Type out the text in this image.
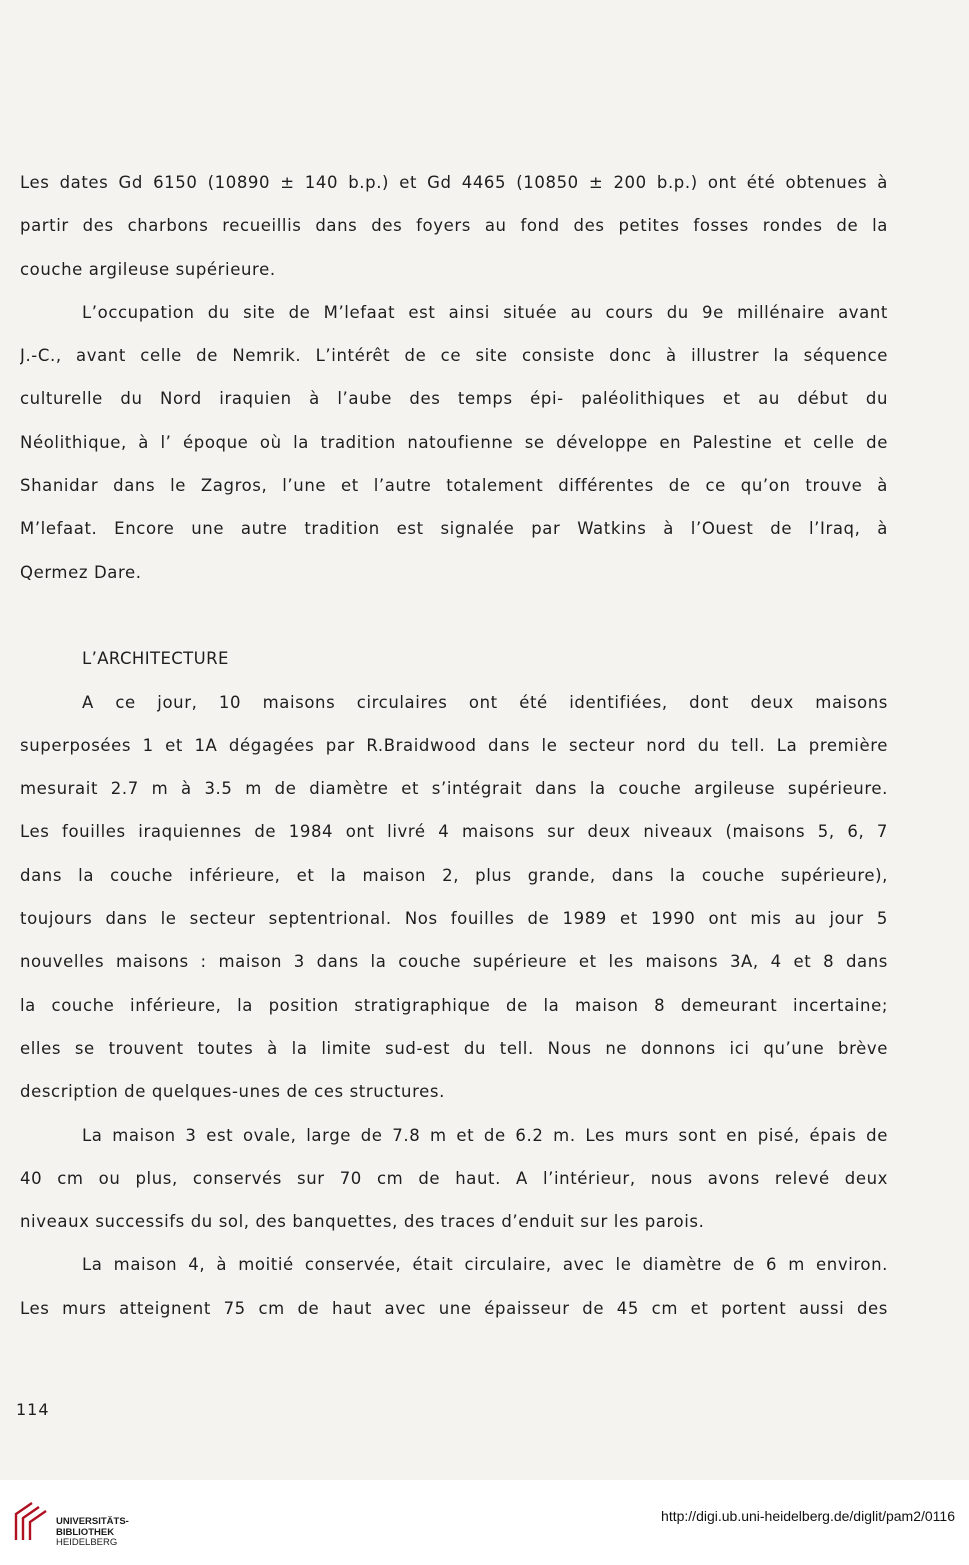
Les dates Gd 6150 (10890 ± 140 b.p.) et Gd 4465 (10850 ± 200 b.p.) ont été obtenues à
partir des charbons recueillis dans des foyers au fond des petites fosses rondes de la
couche argileuse supérieure.
L’occupation du site de M’lefaat est ainsi située au cours du 9e millénaire avant
J.-C., avant celle de Nemrik. L’intérêt de ce site consiste donc à illustrer la séquence
culturelle du Nord iraquien à l’aube des temps épi- paléolithiques et au début du
Néolithique, à l’ époque où la tradition natoufienne se développe en Palestine et celle de
Shanidar dans le Zagros, l’une et l’autre totalement différentes de ce qu’on trouve à
M’lefaat. Encore une autre tradition est signalée par Watkins à l’Ouest de l’Iraq, à
Qermez Dare.
L’ARCHITECTURE
A ce jour, 10 maisons circulaires ont été identifiées, dont deux maisons
superposées 1 et 1A dégagées par R.Braidwood dans le secteur nord du tell. La première
mesurait 2.7 m à 3.5 m de diamètre et s’intégrait dans la couche argileuse supérieure.
Les fouilles iraquiennes de 1984 ont livré 4 maisons sur deux niveaux (maisons 5, 6, 7
dans la couche inférieure, et la maison 2, plus grande, dans la couche supérieure),
toujours dans le secteur septentrional. Nos fouilles de 1989 et 1990 ont mis au jour 5
nouvelles maisons : maison 3 dans la couche supérieure et les maisons 3A, 4 et 8 dans
la couche inférieure, la position stratigraphique de la maison 8 demeurant incertaine;
elles se trouvent toutes à la limite sud-est du tell. Nous ne donnons ici qu’une brève
description de quelques-unes de ces structures.
La maison 3 est ovale, large de 7.8 m et de 6.2 m. Les murs sont en pisé, épais de
40 cm ou plus, conservés sur 70 cm de haut. A l’intérieur, nous avons relevé deux
niveaux successifs du sol, des banquettes, des traces d’enduit sur les parois.
La maison 4, à moitié conservée, était circulaire, avec le diamètre de 6 m environ.
Les murs atteignent 75 cm de haut avec une épaisseur de 45 cm et portent aussi des
114
UNIVERSITÄTS-
BIBLIOTHEK
HEIDELBERG
http://digi.ub.uni-heidelberg.de/diglit/pam2/0116
